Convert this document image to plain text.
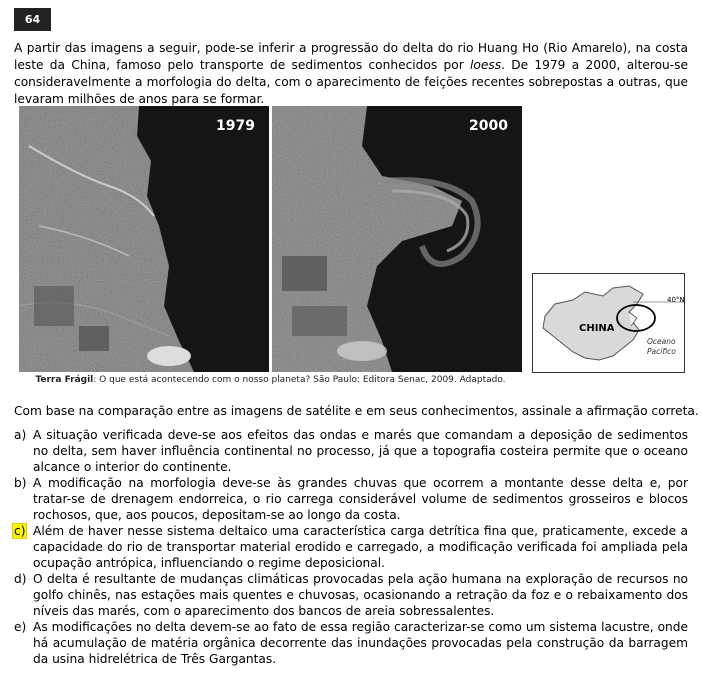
64
A partir das imagens a seguir, pode-se inferir a progressão do delta do rio Huang Ho (Rio Amarelo), na costa leste da China, famoso pelo transporte de sedimentos conhecidos por loess. De 1979 a 2000, alterou-se consideravelmente a morfologia do delta, com o aparecimento de feições recentes sobrepostas a outras, que levaram milhões de anos para se formar.
1979	2000
Terra Frágil: O que está acontecendo com o nosso planeta? São Paulo: Editora Senac, 2009. Adaptado.
CHINA
40°N
Oceano
Pacífico
Com base na comparação entre as imagens de satélite e em seus conhecimentos, assinale a afirmação correta.
a) A situação verificada deve-se aos efeitos das ondas e marés que comandam a deposição de sedimentos no delta, sem haver influência continental no processo, já que a topografia costeira permite que o oceano alcance o interior do continente.
b) A modificação na morfologia deve-se às grandes chuvas que ocorrem a montante desse delta e, por tratar-se de drenagem endorreica, o rio carrega considerável volume de sedimentos grosseiros e blocos rochosos, que, aos poucos, depositam-se ao longo da costa.
c) Além de haver nesse sistema deltaico uma característica carga detrítica fina que, praticamente, excede a capacidade do rio de transportar material erodido e carregado, a modificação verificada foi ampliada pela ocupação antrópica, influenciando o regime deposicional.
d) O delta é resultante de mudanças climáticas provocadas pela ação humana na exploração de recursos no golfo chinês, nas estações mais quentes e chuvosas, ocasionando a retração da foz e o rebaixamento dos níveis das marés, com o aparecimento dos bancos de areia sobressalentes.
e) As modificações no delta devem-se ao fato de essa região caracterizar-se como um sistema lacustre, onde há acumulação de matéria orgânica decorrente das inundações provocadas pela construção da barragem da usina hidrelétrica de Três Gargantas.
